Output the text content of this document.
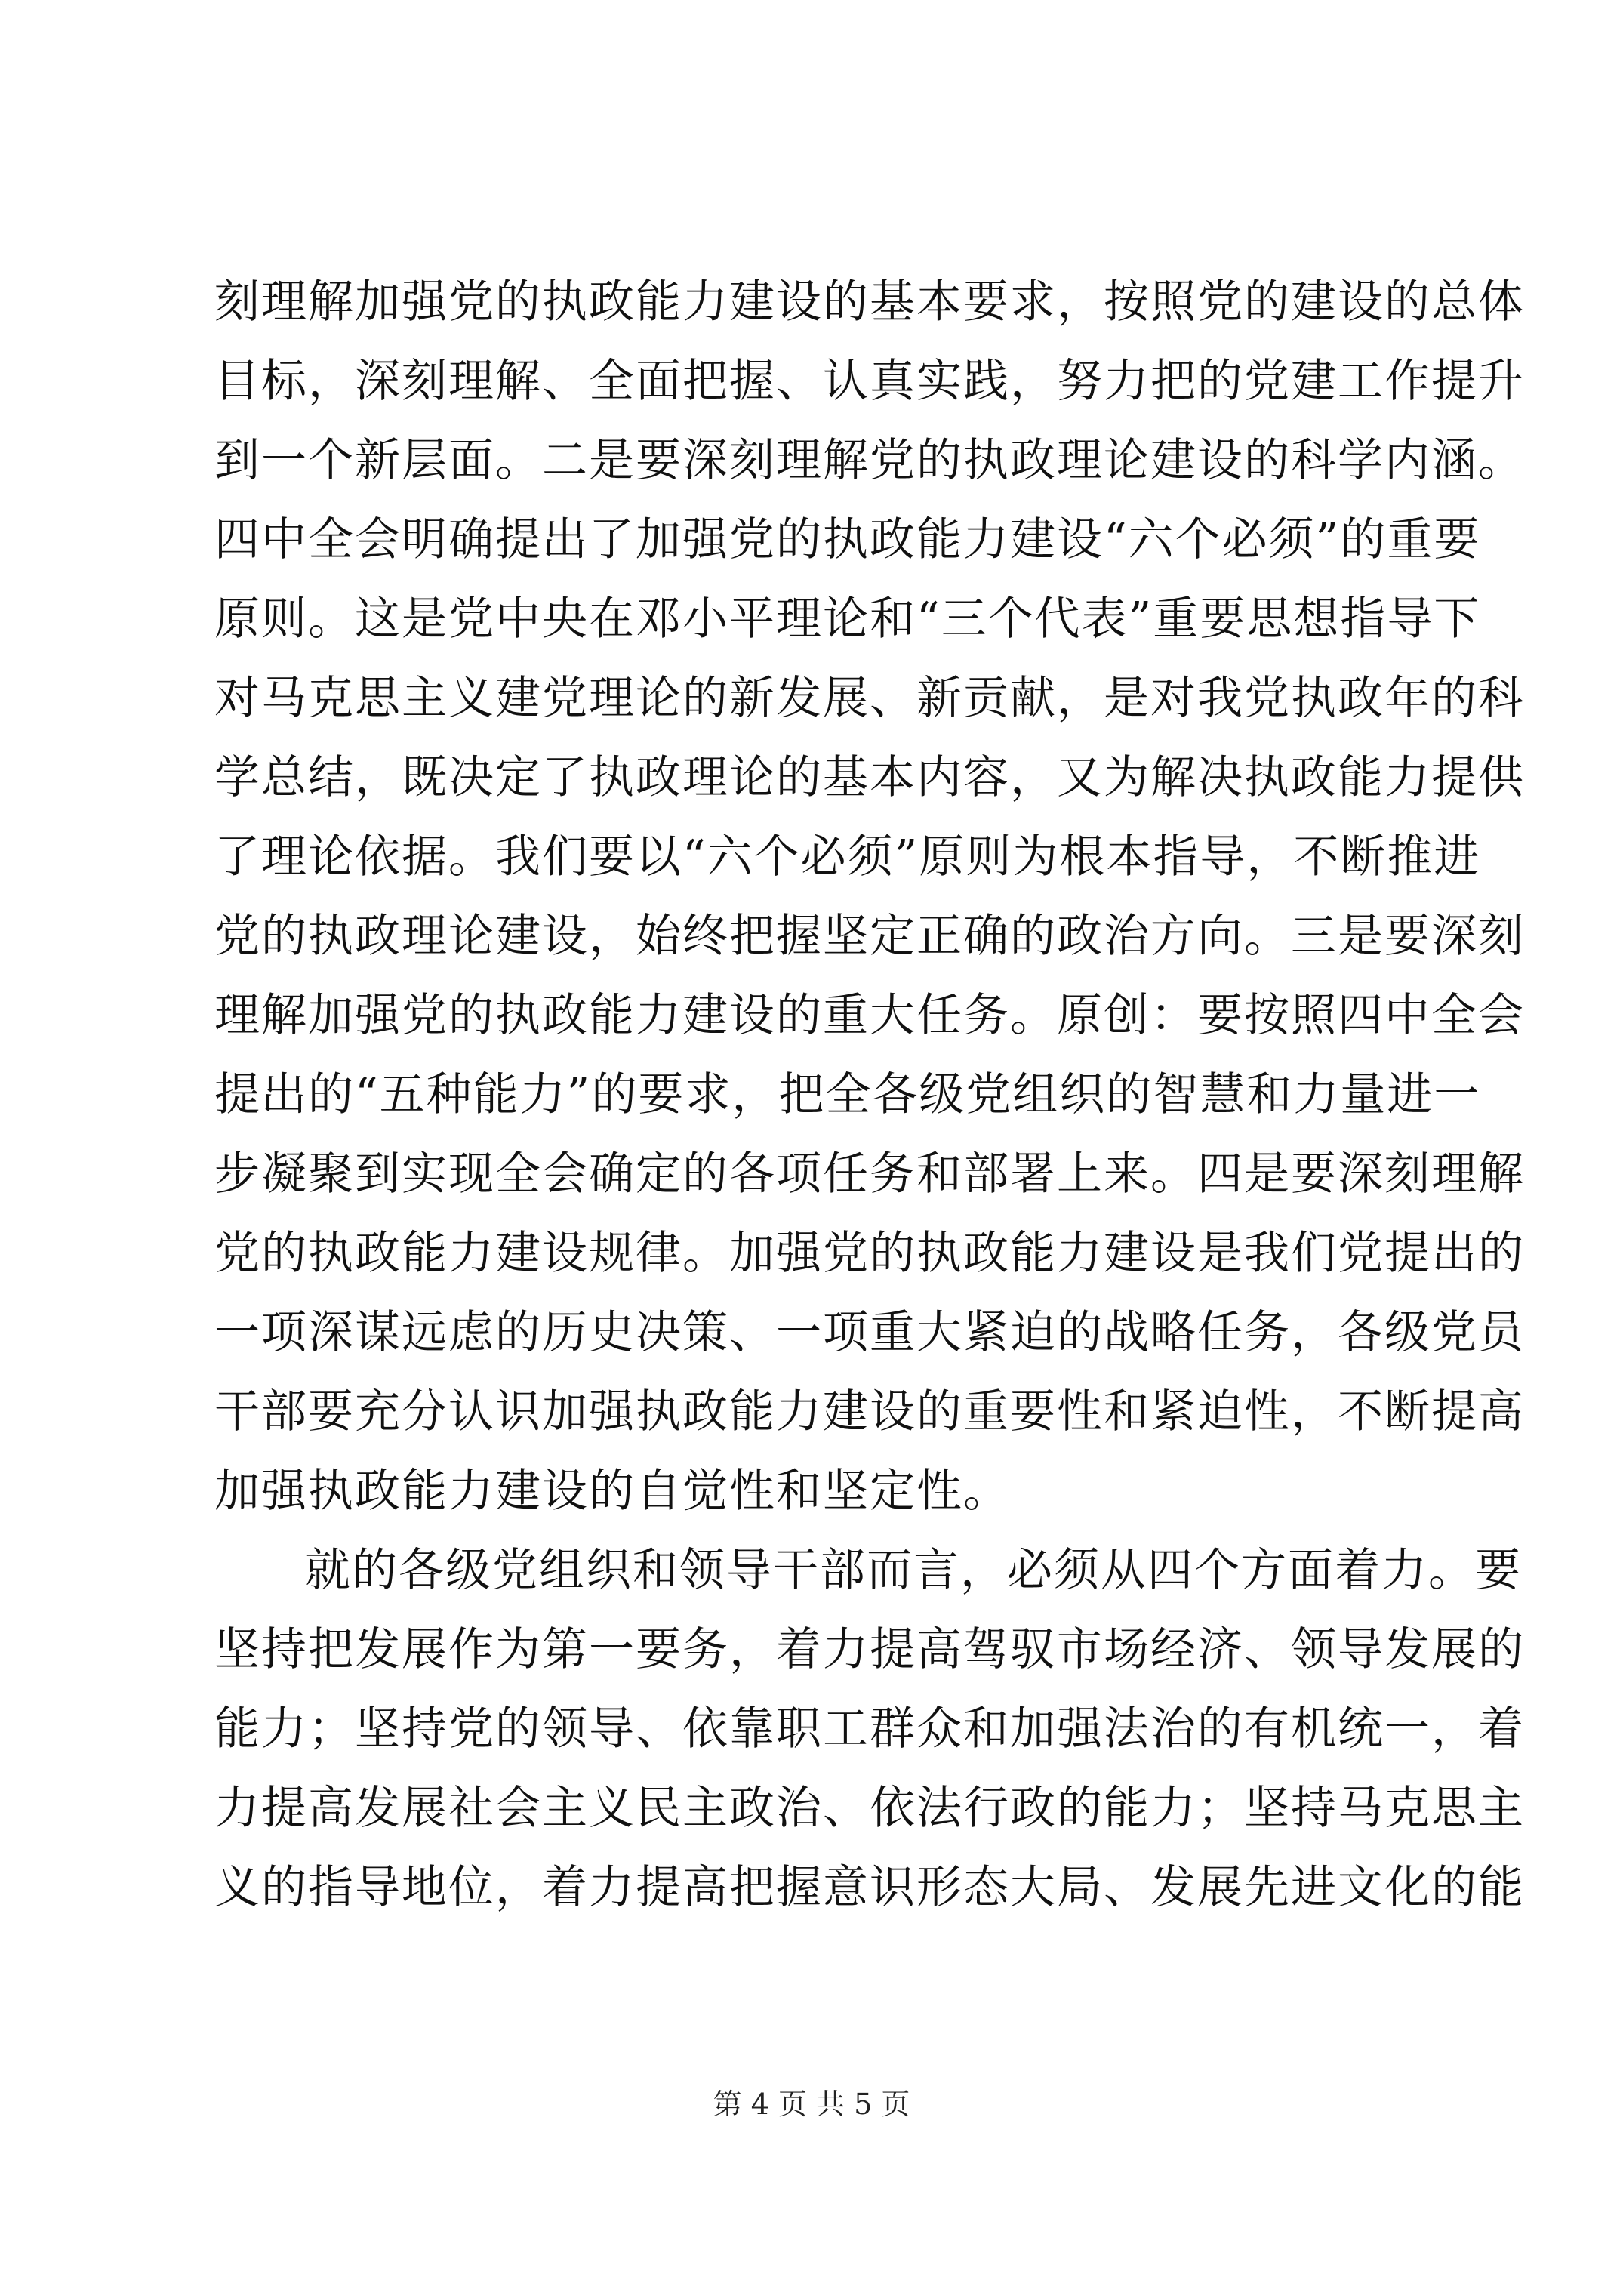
刻理解加强党的执政能力建设的基本要求，按照党的建设的总体
目标，深刻理解、全面把握、认真实践，努力把的党建工作提升
到一个新层面。二是要深刻理解党的执政理论建设的科学内涵。
四中全会明确提出了加强党的执政能力建设“六个必须”的重要
原则。这是党中央在邓小平理论和“三个代表”重要思想指导下
对马克思主义建党理论的新发展、新贡献，是对我党执政年的科
学总结，既决定了执政理论的基本内容，又为解决执政能力提供
了理论依据。我们要以“六个必须”原则为根本指导，不断推进
党的执政理论建设，始终把握坚定正确的政治方向。三是要深刻
理解加强党的执政能力建设的重大任务。原创：要按照四中全会
提出的“五种能力”的要求，把全各级党组织的智慧和力量进一
步凝聚到实现全会确定的各项任务和部署上来。四是要深刻理解
党的执政能力建设规律。加强党的执政能力建设是我们党提出的
一项深谋远虑的历史决策、一项重大紧迫的战略任务，各级党员
干部要充分认识加强执政能力建设的重要性和紧迫性，不断提高
加强执政能力建设的自觉性和坚定性。
就的各级党组织和领导干部而言，必须从四个方面着力。要
坚持把发展作为第一要务，着力提高驾驭市场经济、领导发展的
能力；坚持党的领导、依靠职工群众和加强法治的有机统一，着
力提高发展社会主义民主政治、依法行政的能力；坚持马克思主
义的指导地位，着力提高把握意识形态大局、发展先进文化的能
第 4 页 共 5 页
